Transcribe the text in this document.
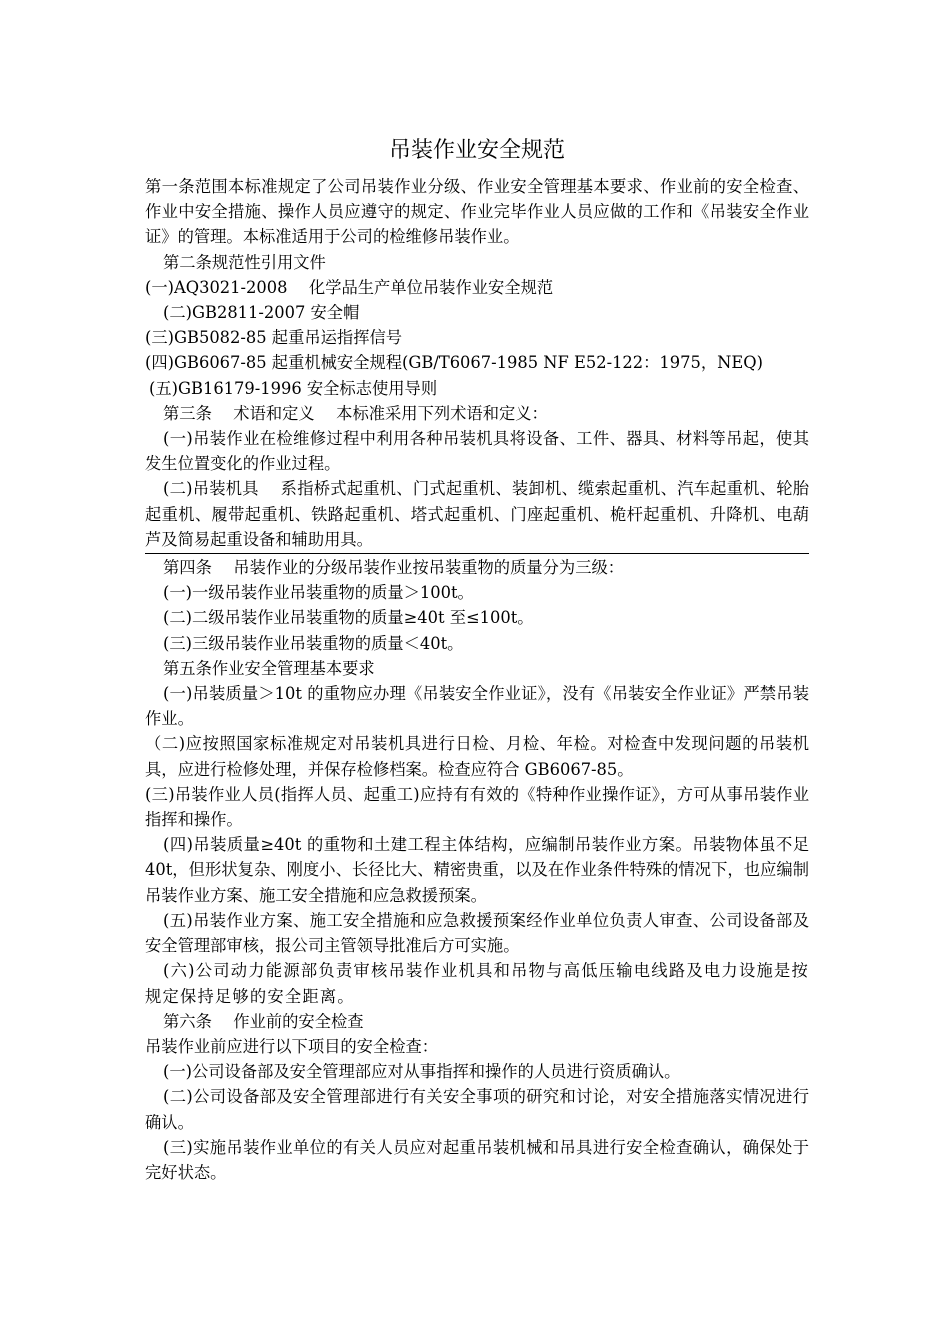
吊装作业安全规范

第一条范围本标准规定了公司吊装作业分级、作业安全管理基本要求、作业前的安全检查、作业中安全措施、操作人员应遵守的规定、作业完毕作业人员应做的工作和《吊装安全作业证》的管理。本标准适用于公司的检维修吊装作业。

第二条规范性引用文件

(一)AQ3021-2008　 化学品生产单位吊装作业安全规范

(二)GB2811-2007 安全帽

(三)GB5082-85 起重吊运指挥信号

(四)GB6067-85 起重机械安全规程(GB/T6067-1985 NF E52-122：1975，NEQ)

(五)GB16179-1996 安全标志使用导则

第三条　 术语和定义　 本标准采用下列术语和定义：

(一)吊装作业在检维修过程中利用各种吊装机具将设备、工件、器具、材料等吊起，使其发生位置变化的作业过程。

(二)吊装机具　 系指桥式起重机、门式起重机、装卸机、缆索起重机、汽车起重机、轮胎起重机、履带起重机、铁路起重机、塔式起重机、门座起重机、桅杆起重机、升降机、电葫芦及简易起重设备和辅助用具。

第四条　 吊装作业的分级吊装作业按吊装重物的质量分为三级：

(一)一级吊装作业吊装重物的质量＞100t。

(二)二级吊装作业吊装重物的质量≥40t 至≤100t。

(三)三级吊装作业吊装重物的质量＜40t。

第五条作业安全管理基本要求

(一)吊装质量＞10t 的重物应办理《吊装安全作业证》，没有《吊装安全作业证》严禁吊装作业。

（二)应按照国家标准规定对吊装机具进行日检、月检、年检。对检查中发现问题的吊装机具，应进行检修处理，并保存检修档案。检查应符合 GB6067-85。

(三)吊装作业人员(指挥人员、起重工)应持有有效的《特种作业操作证》，方可从事吊装作业指挥和操作。

(四)吊装质量≥40t 的重物和土建工程主体结构，应编制吊装作业方案。吊装物体虽不足 40t，但形状复杂、刚度小、长径比大、精密贵重，以及在作业条件特殊的情况下，也应编制吊装作业方案、施工安全措施和应急救援预案。

(五)吊装作业方案、施工安全措施和应急救援预案经作业单位负责人审查、公司设备部及安全管理部审核，报公司主管领导批准后方可实施。

(六)公司动力能源部负责审核吊装作业机具和吊物与高低压输电线路及电力设施是按规定保持足够的安全距离。

第六条　 作业前的安全检查

吊装作业前应进行以下项目的安全检查：

(一)公司设备部及安全管理部应对从事指挥和操作的人员进行资质确认。

(二)公司设备部及安全管理部进行有关安全事项的研究和讨论，对安全措施落实情况进行确认。

(三)实施吊装作业单位的有关人员应对起重吊装机械和吊具进行安全检查确认，确保处于完好状态。
